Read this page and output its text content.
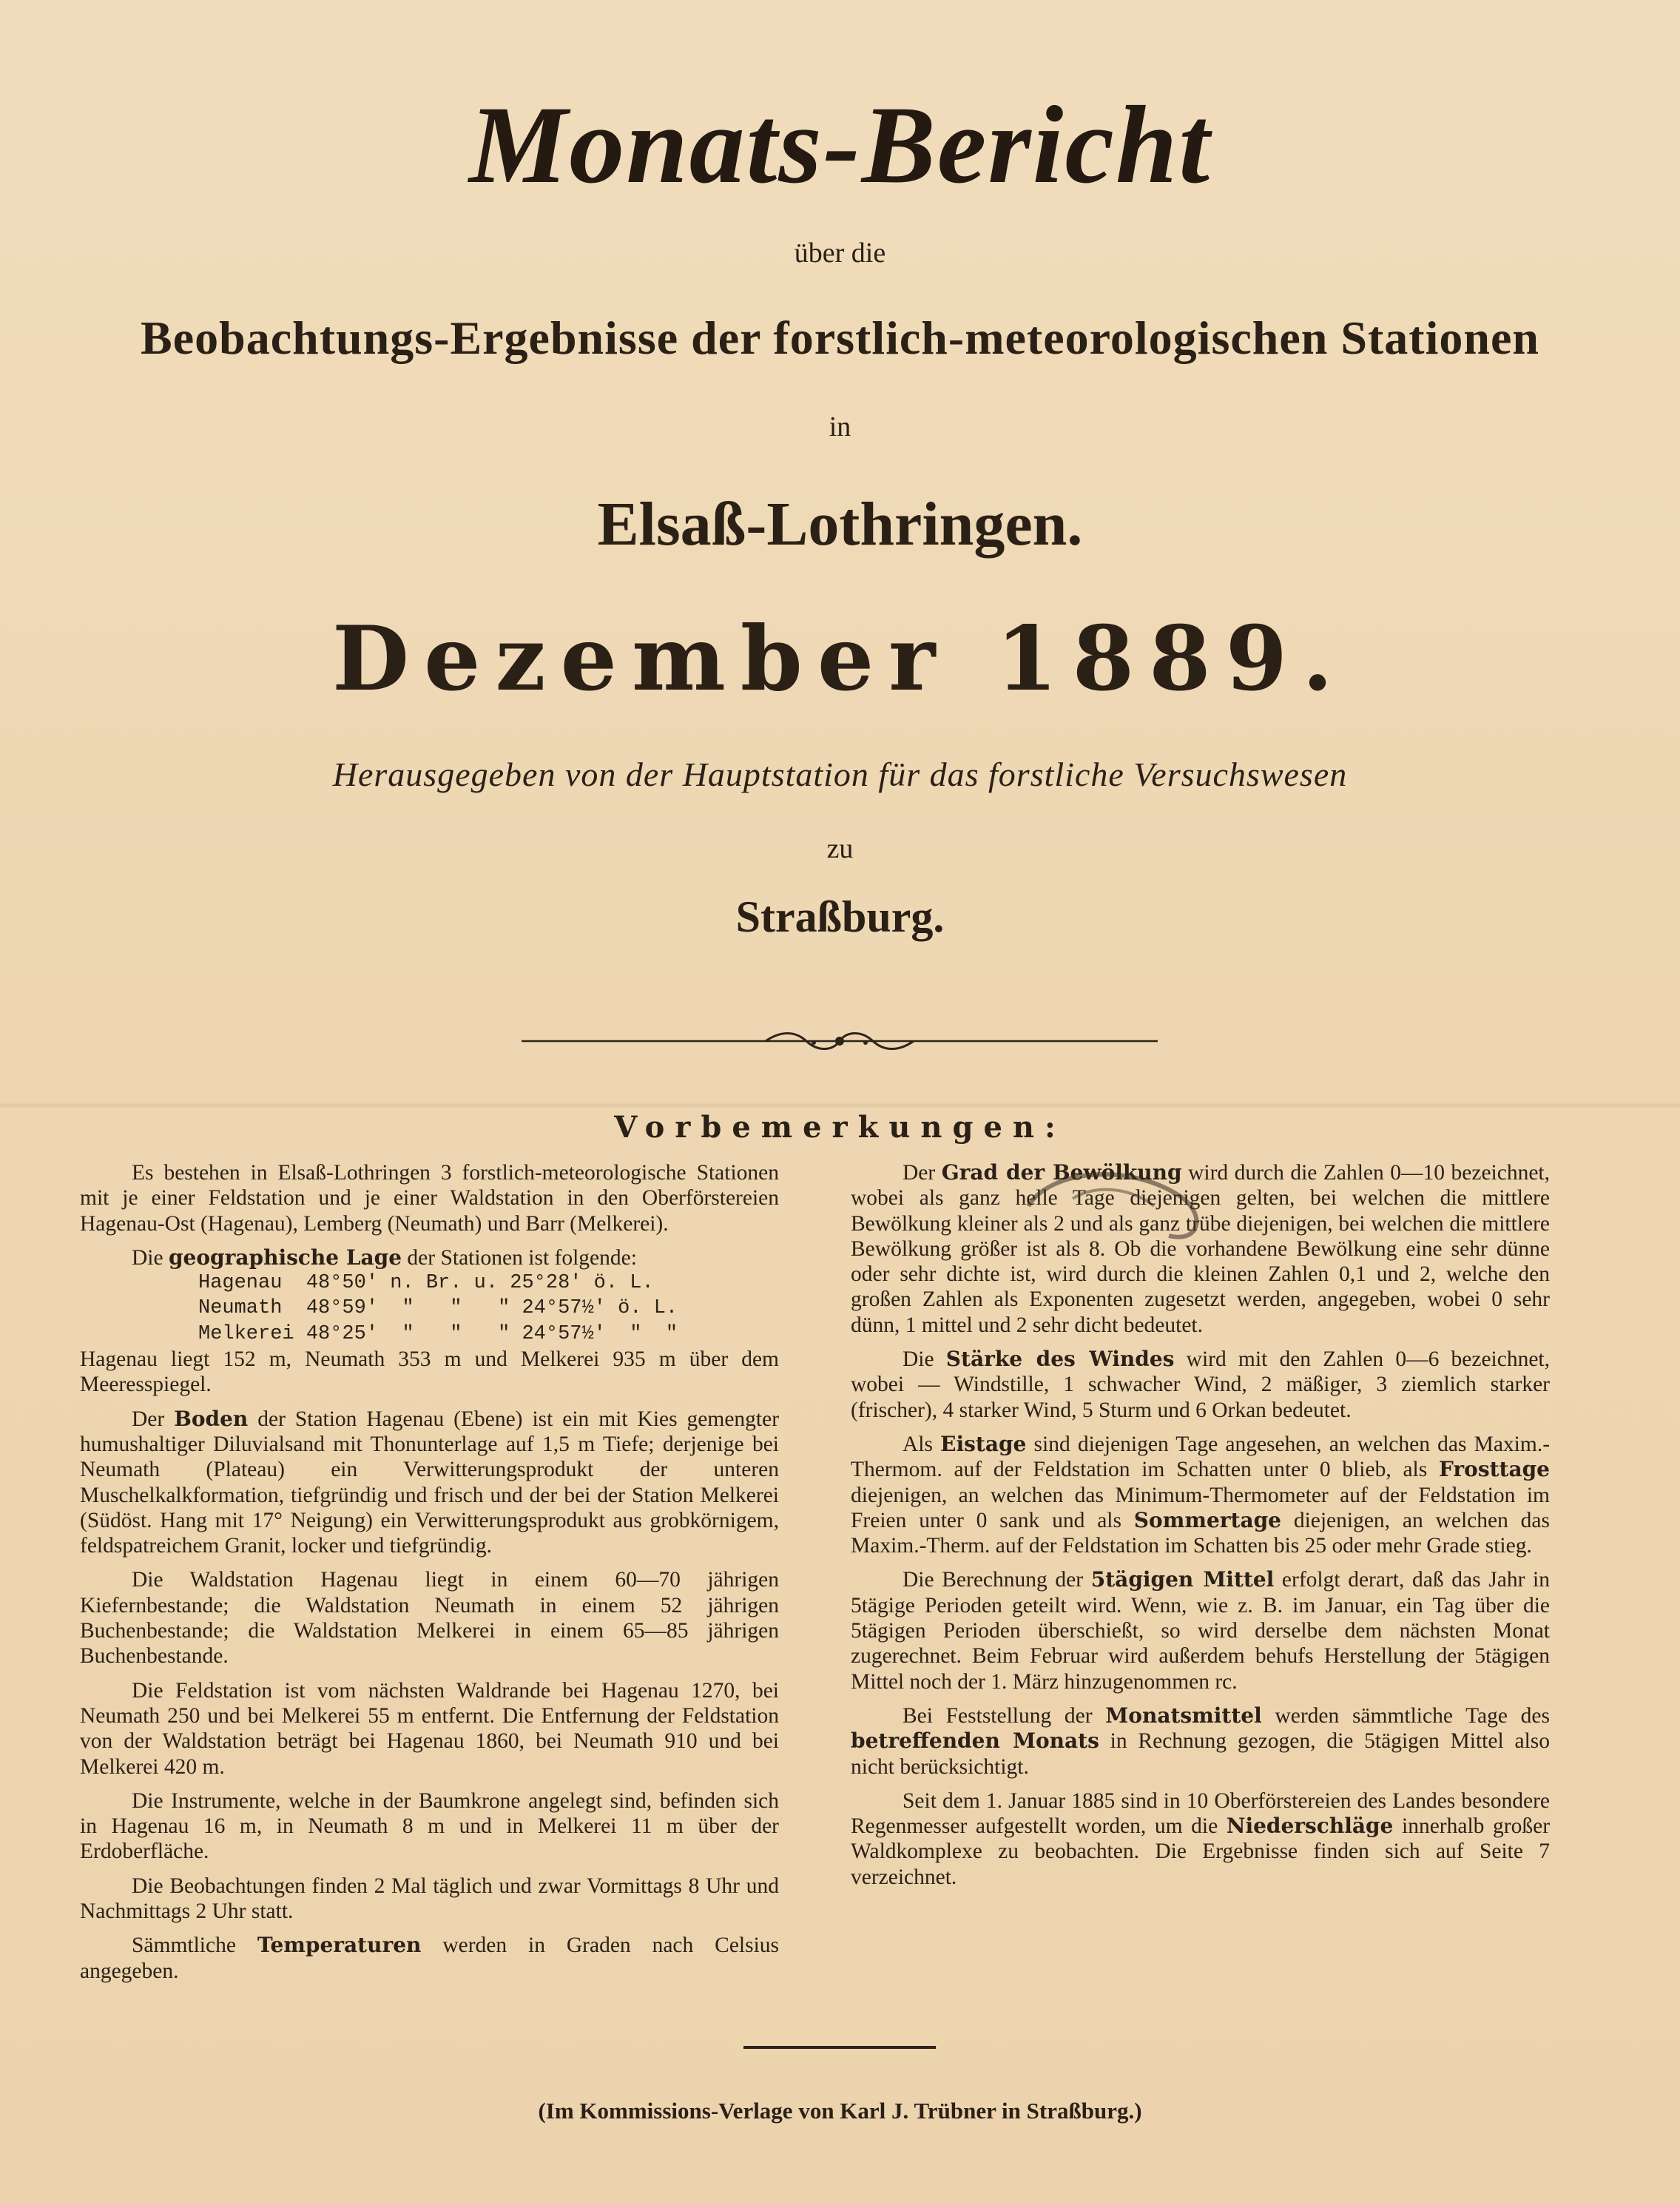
Monats-Bericht
über die
Beobachtungs-Ergebnisse der forstlich-meteorologischen Stationen
in
Elsaß-Lothringen.
Dezember 1889.
Herausgegeben von der Hauptstation für das forstliche Versuchswesen
zu
Straßburg.
Vorbemerkungen:

Es bestehen in Elsaß-Lothringen 3 forstlich-meteorologische Stationen mit je einer Feldstation und je einer Waldstation in den Oberförstereien Hagenau-Ost (Hagenau), Lemberg (Neumath) und Barr (Melkerei).

Die geographische Lage der Stationen ist folgende:

Hagenau  48°50' n. Br. u. 25°28' ö. L.
Neumath  48°59'  "   "   " 24°57½' ö. L.
Melkerei 48°25'  "   "   " 24°57½'  "  "

Hagenau liegt 152 m, Neumath 353 m und Melkerei 935 m über dem Meeresspiegel.

Der Boden der Station Hagenau (Ebene) ist ein mit Kies gemengter humushaltiger Diluvialsand mit Thonunterlage auf 1,5 m Tiefe; derjenige bei Neumath (Plateau) ein Verwitterungsprodukt der unteren Muschelkalkformation, tiefgründig und frisch und der bei der Station Melkerei (Südöst. Hang mit 17° Neigung) ein Verwitterungsprodukt aus grobkörnigem, feldspatreichem Granit, locker und tiefgründig.

Die Waldstation Hagenau liegt in einem 60—70 jährigen Kiefernbestande; die Waldstation Neumath in einem 52 jährigen Buchenbestande; die Waldstation Melkerei in einem 65—85 jährigen Buchenbestande.

Die Feldstation ist vom nächsten Waldrande bei Hagenau 1270, bei Neumath 250 und bei Melkerei 55 m entfernt. Die Entfernung der Feldstation von der Waldstation beträgt bei Hagenau 1860, bei Neumath 910 und bei Melkerei 420 m.

Die Instrumente, welche in der Baumkrone angelegt sind, befinden sich in Hagenau 16 m, in Neumath 8 m und in Melkerei 11 m über der Erdoberfläche.

Die Beobachtungen finden 2 Mal täglich und zwar Vormittags 8 Uhr und Nachmittags 2 Uhr statt.

Sämmtliche Temperaturen werden in Graden nach Celsius angegeben.

Der Grad der Bewölkung wird durch die Zahlen 0—10 bezeichnet, wobei als ganz helle Tage diejenigen gelten, bei welchen die mittlere Bewölkung kleiner als 2 und als ganz trübe diejenigen, bei welchen die mittlere Bewölkung größer ist als 8. Ob die vorhandene Bewölkung eine sehr dünne oder sehr dichte ist, wird durch die kleinen Zahlen 0,1 und 2, welche den großen Zahlen als Exponenten zugesetzt werden, angegeben, wobei 0 sehr dünn, 1 mittel und 2 sehr dicht bedeutet.

Die Stärke des Windes wird mit den Zahlen 0—6 bezeichnet, wobei — Windstille, 1 schwacher Wind, 2 mäßiger, 3 ziemlich starker (frischer), 4 starker Wind, 5 Sturm und 6 Orkan bedeutet.

Als Eistage sind diejenigen Tage angesehen, an welchen das Maxim.-Thermom. auf der Feldstation im Schatten unter 0 blieb, als Frosttage diejenigen, an welchen das Minimum-Thermometer auf der Feldstation im Freien unter 0 sank und als Sommertage diejenigen, an welchen das Maxim.-Therm. auf der Feldstation im Schatten bis 25 oder mehr Grade stieg.

Die Berechnung der 5tägigen Mittel erfolgt derart, daß das Jahr in 5tägige Perioden geteilt wird. Wenn, wie z. B. im Januar, ein Tag über die 5tägigen Perioden überschießt, so wird derselbe dem nächsten Monat zugerechnet. Beim Februar wird außerdem behufs Herstellung der 5tägigen Mittel noch der 1. März hinzugenommen rc.

Bei Feststellung der Monatsmittel werden sämmtliche Tage des betreffenden Monats in Rechnung gezogen, die 5tägigen Mittel also nicht berücksichtigt.

Seit dem 1. Januar 1885 sind in 10 Oberförstereien des Landes besondere Regenmesser aufgestellt worden, um die Niederschläge innerhalb großer Waldkomplexe zu beobachten. Die Ergebnisse finden sich auf Seite 7 verzeichnet.

(Im Kommissions-Verlage von Karl J. Trübner in Straßburg.)
